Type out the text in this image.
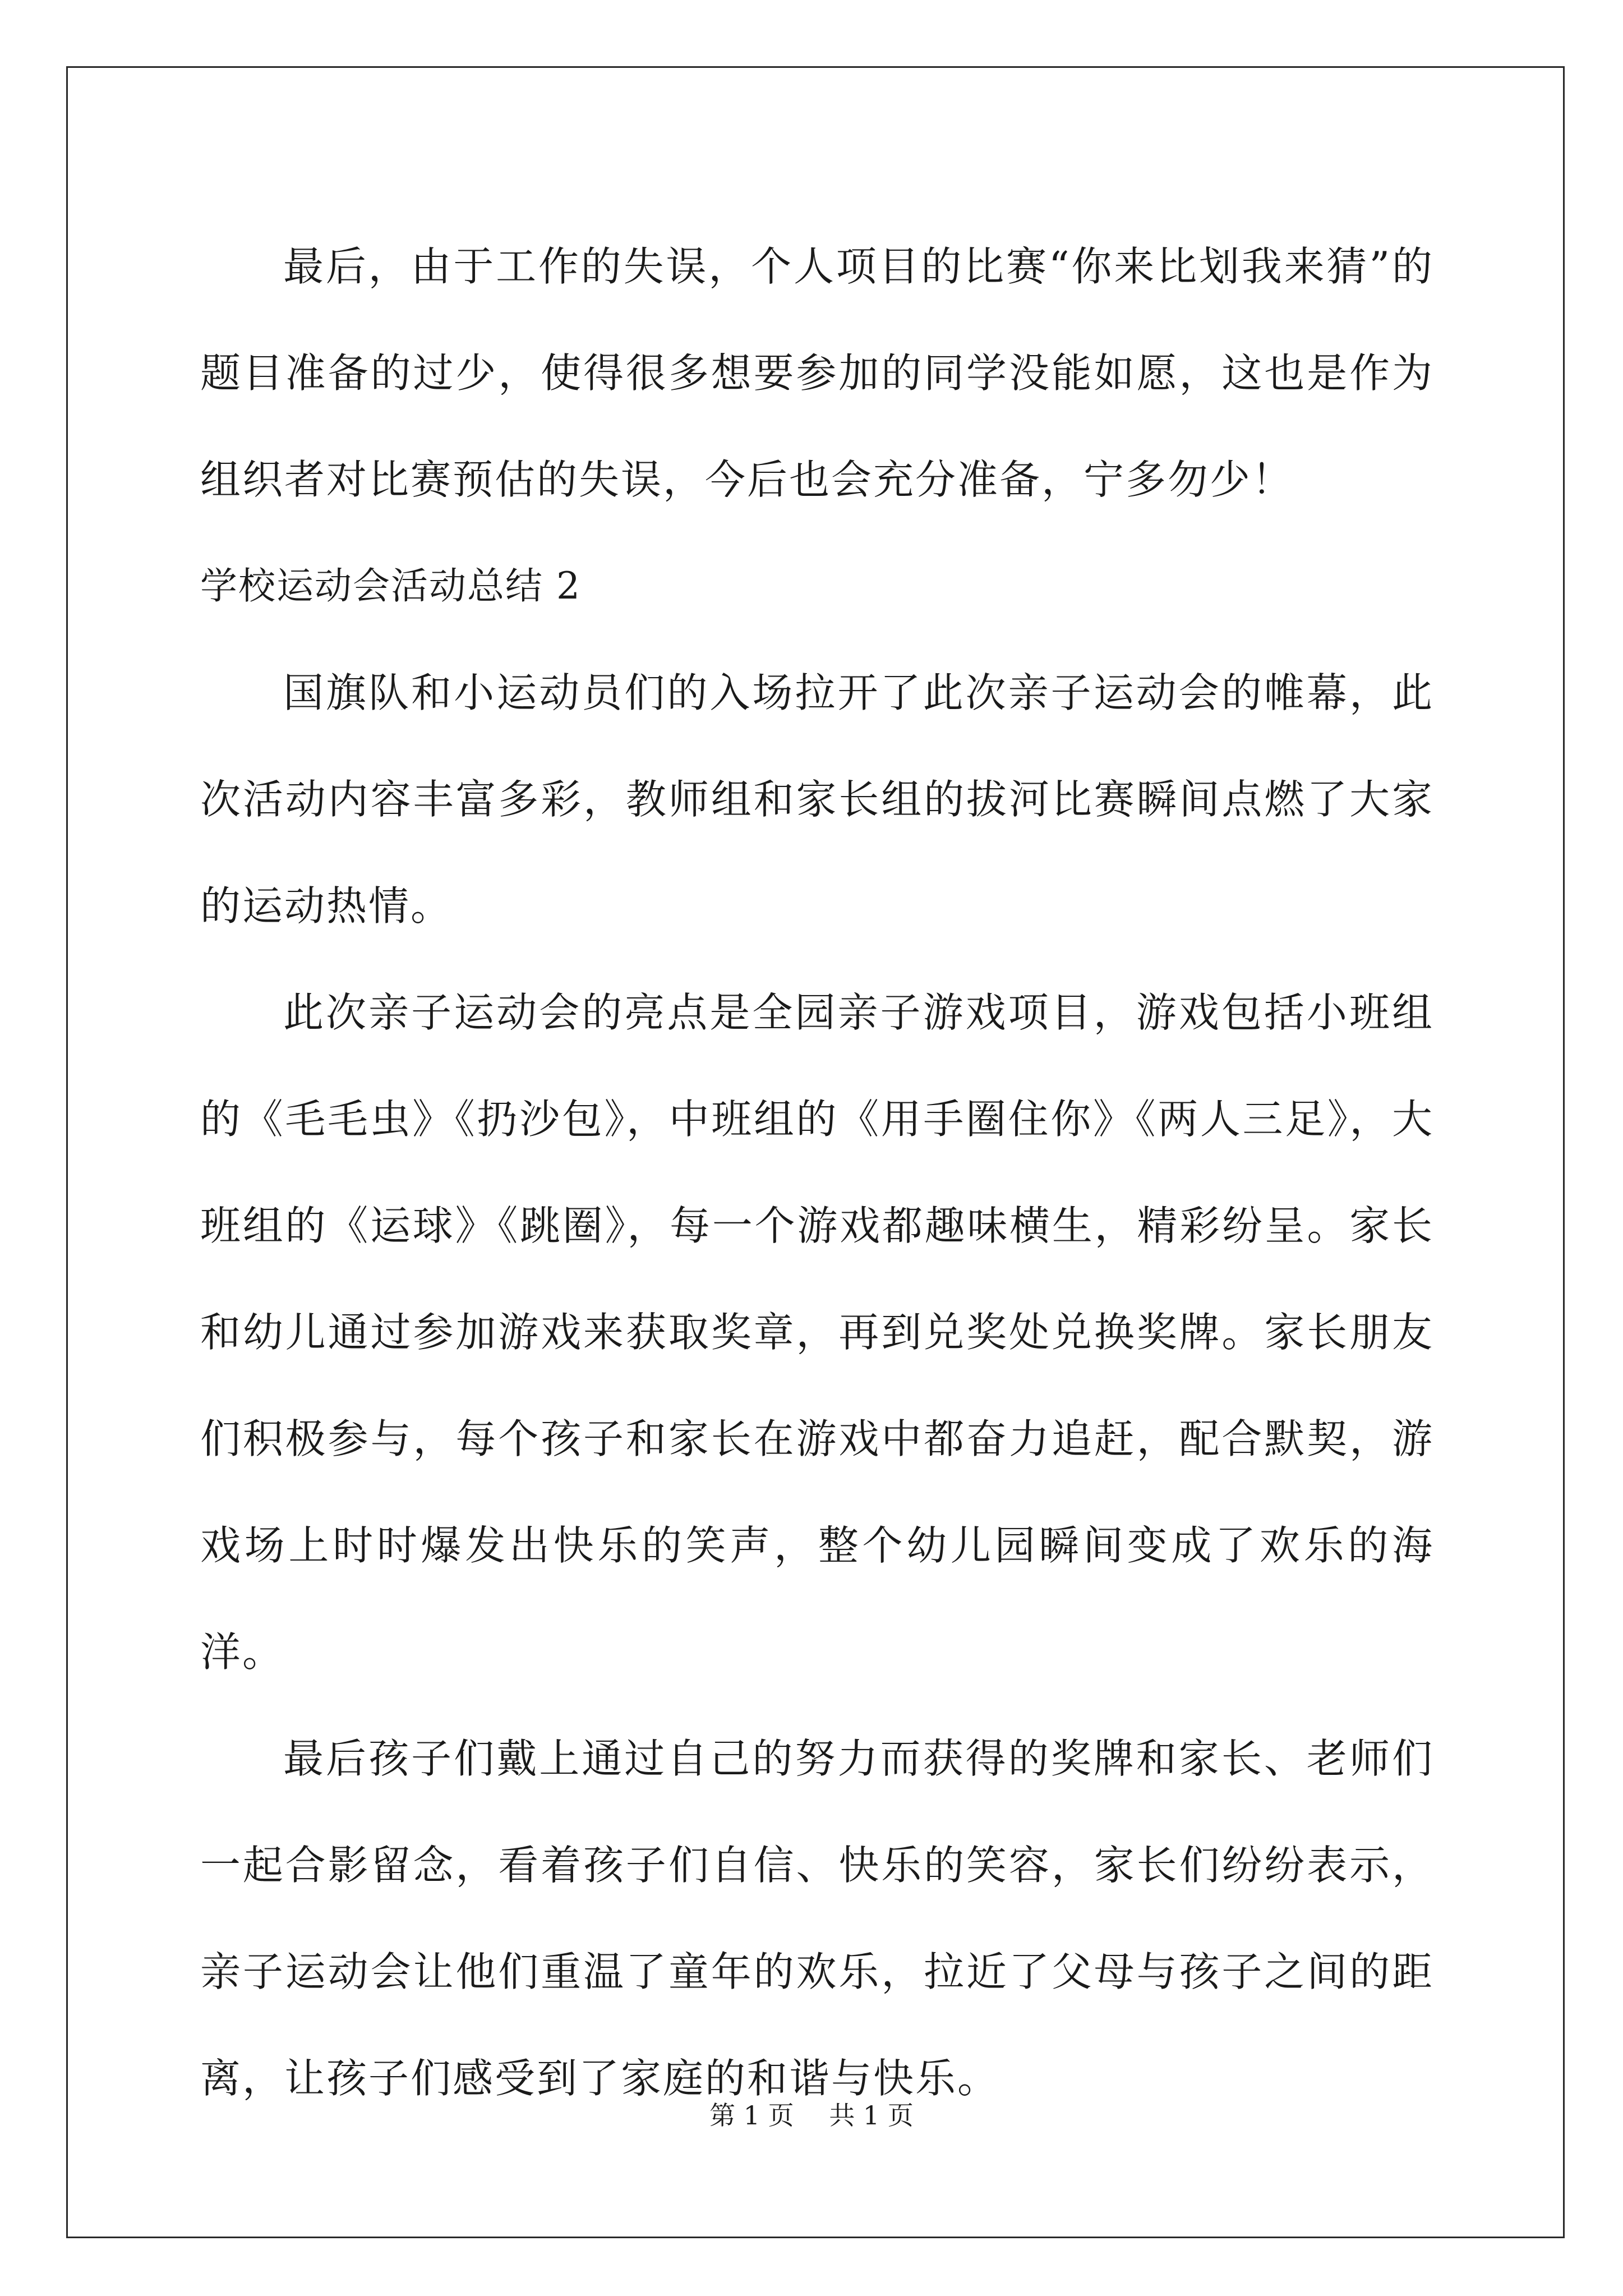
最后，由于工作的失误，个人项目的比赛“你来比划我来猜”的题目准备的过少，使得很多想要参加的同学没能如愿，这也是作为组织者对比赛预估的失误，今后也会充分准备，宁多勿少！

学校运动会活动总结 2

国旗队和小运动员们的入场拉开了此次亲子运动会的帷幕，此次活动内容丰富多彩，教师组和家长组的拔河比赛瞬间点燃了大家的运动热情。

此次亲子运动会的亮点是全园亲子游戏项目，游戏包括小班组的《毛毛虫》《扔沙包》，中班组的《用手圈住你》《两人三足》，大班组的《运球》《跳圈》，每一个游戏都趣味横生，精彩纷呈。家长和幼儿通过参加游戏来获取奖章，再到兑奖处兑换奖牌。家长朋友们积极参与，每个孩子和家长在游戏中都奋力追赶，配合默契，游戏场上时时爆发出快乐的笑声，整个幼儿园瞬间变成了欢乐的海洋。

最后孩子们戴上通过自己的努力而获得的奖牌和家长、老师们一起合影留念，看着孩子们自信、快乐的笑容，家长们纷纷表示，亲子运动会让他们重温了童年的欢乐，拉近了父母与孩子之间的距离，让孩子们感受到了家庭的和谐与快乐。

第 1 页 共 1 页
